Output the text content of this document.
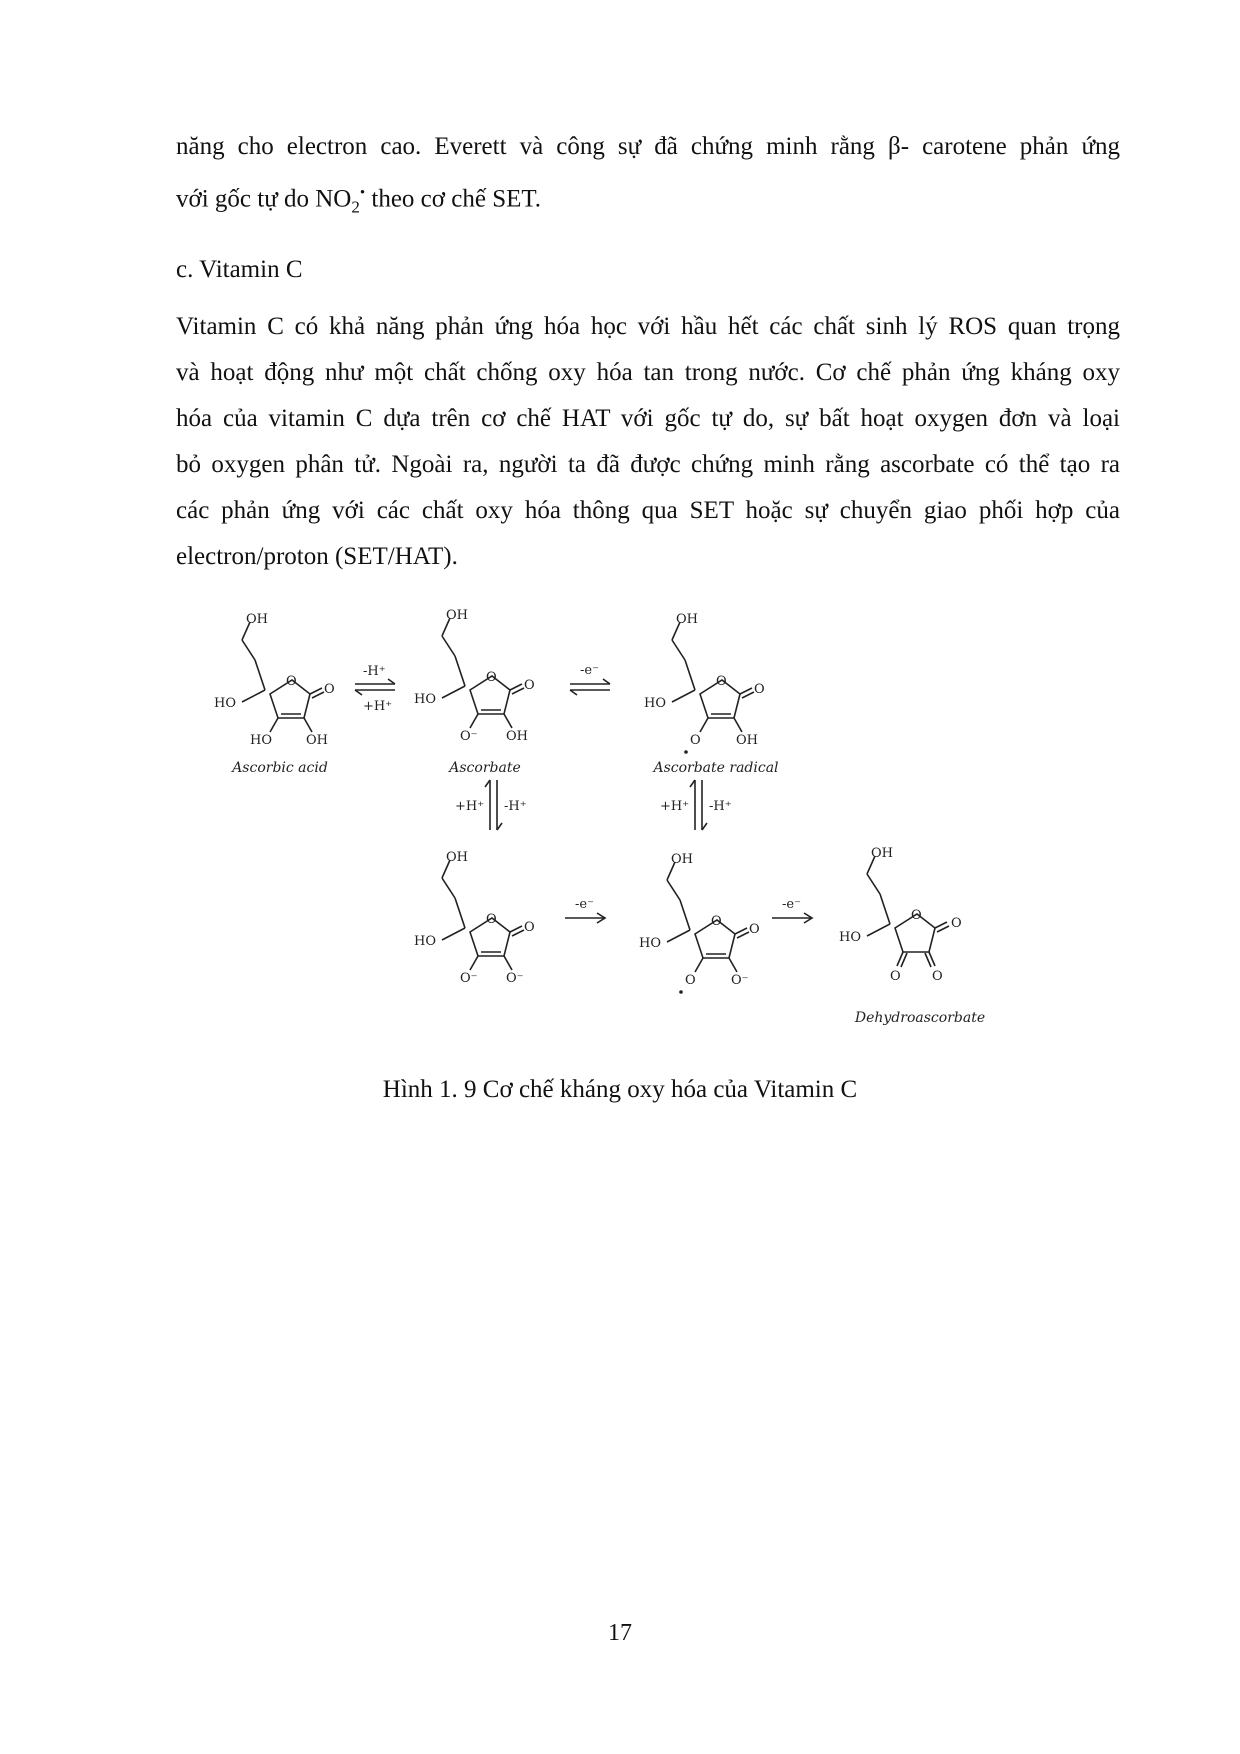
năng cho electron cao. Everett và công sự đã chứng minh rằng β- carotene phản ứng
với gốc tự do $NO_2^•$ theo cơ chế SET.

c. Vitamin C

Vitamin C có khả năng phản ứng hóa học với hầu hết các chất sinh lý ROS quan trọng
và hoạt động như một chất chống oxy hóa tan trong nước. Cơ chế phản ứng kháng oxy
hóa của vitamin C dựa trên cơ chế HAT với gốc tự do, sự bất hoạt oxygen đơn và loại
bỏ oxygen phân tử. Ngoài ra, người ta đã được chứng minh rằng ascorbate có thể tạo ra
các phản ứng với các chất oxy hóa thông qua SET hoặc sự chuyển giao phối hợp của
electron/proton (SET/HAT).
OH
HO
O
O
HO	OH
OH
HO
O
O
O⁻ OH
OH
HO
O
O
O	OH
OH
HO
O
O
O⁻ O⁻
OH
HO
O
O
O	O⁻
OH
HO
O
O
O O
-H⁺
+H⁺
-e⁻
+H⁺ -H⁺	+H⁺ -H⁺
-e⁻	-e⁻
Ascorbic acid	Ascorbate	Ascorbate radical
Dehydroascorbate

Hình 1. 9 Cơ chế kháng oxy hóa của Vitamin C

17
